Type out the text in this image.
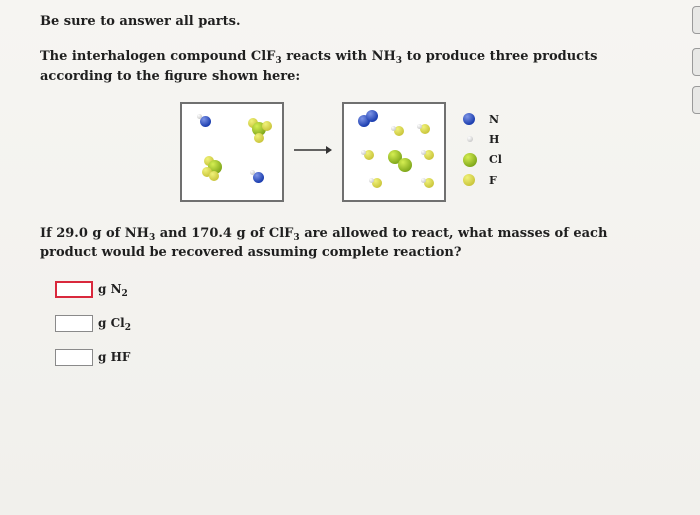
Be sure to answer all parts.
The interhalogen compound ClF$_3$ reacts with $NH_3$ to produce three products according to the figure shown here:
N
H
Cl
F
If 29.0 g of $NH_3$ and 170.4 g of ClF$_3$ are allowed to react, what masses of each product would be recovered assuming complete reaction?
g $N_2$
g $Cl_2$
g HF
